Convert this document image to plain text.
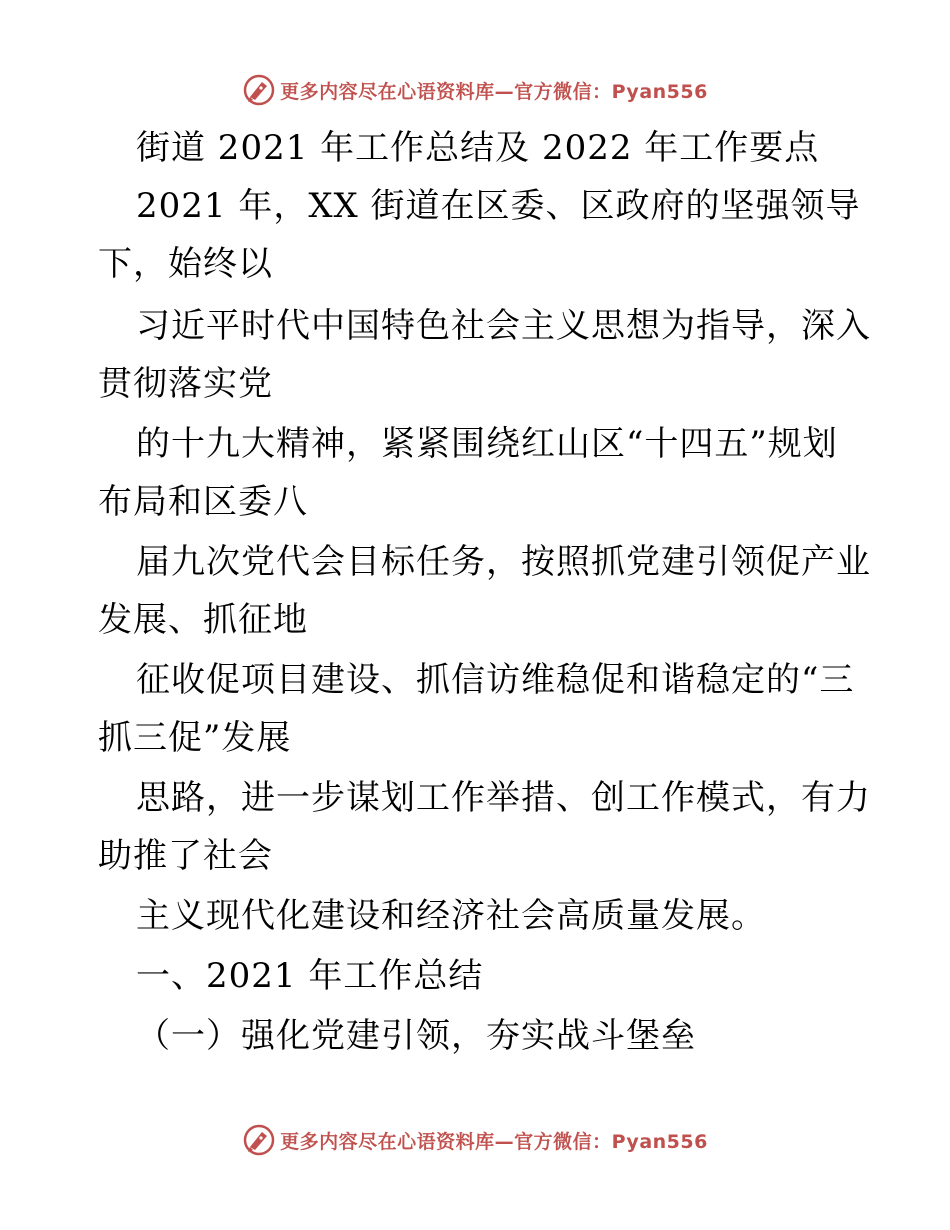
更多内容尽在心语资料库—官方微信：Pyan556
街道 2021 年工作总结及 2022 年工作要点
2021 年，XX 街道在区委、区政府的坚强领导
下，始终以
习近平时代中国特色社会主义思想为指导，深入
贯彻落实党
的十九大精神，紧紧围绕红山区“十四五”规划
布局和区委八
届九次党代会目标任务，按照抓党建引领促产业
发展、抓征地
征收促项目建设、抓信访维稳促和谐稳定的“三
抓三促”发展
思路，进一步谋划工作举措、创工作模式，有力
助推了社会
主义现代化建设和经济社会高质量发展。
一、2021 年工作总结
（一）强化党建引领，夯实战斗堡垒
更多内容尽在心语资料库—官方微信：Pyan556
